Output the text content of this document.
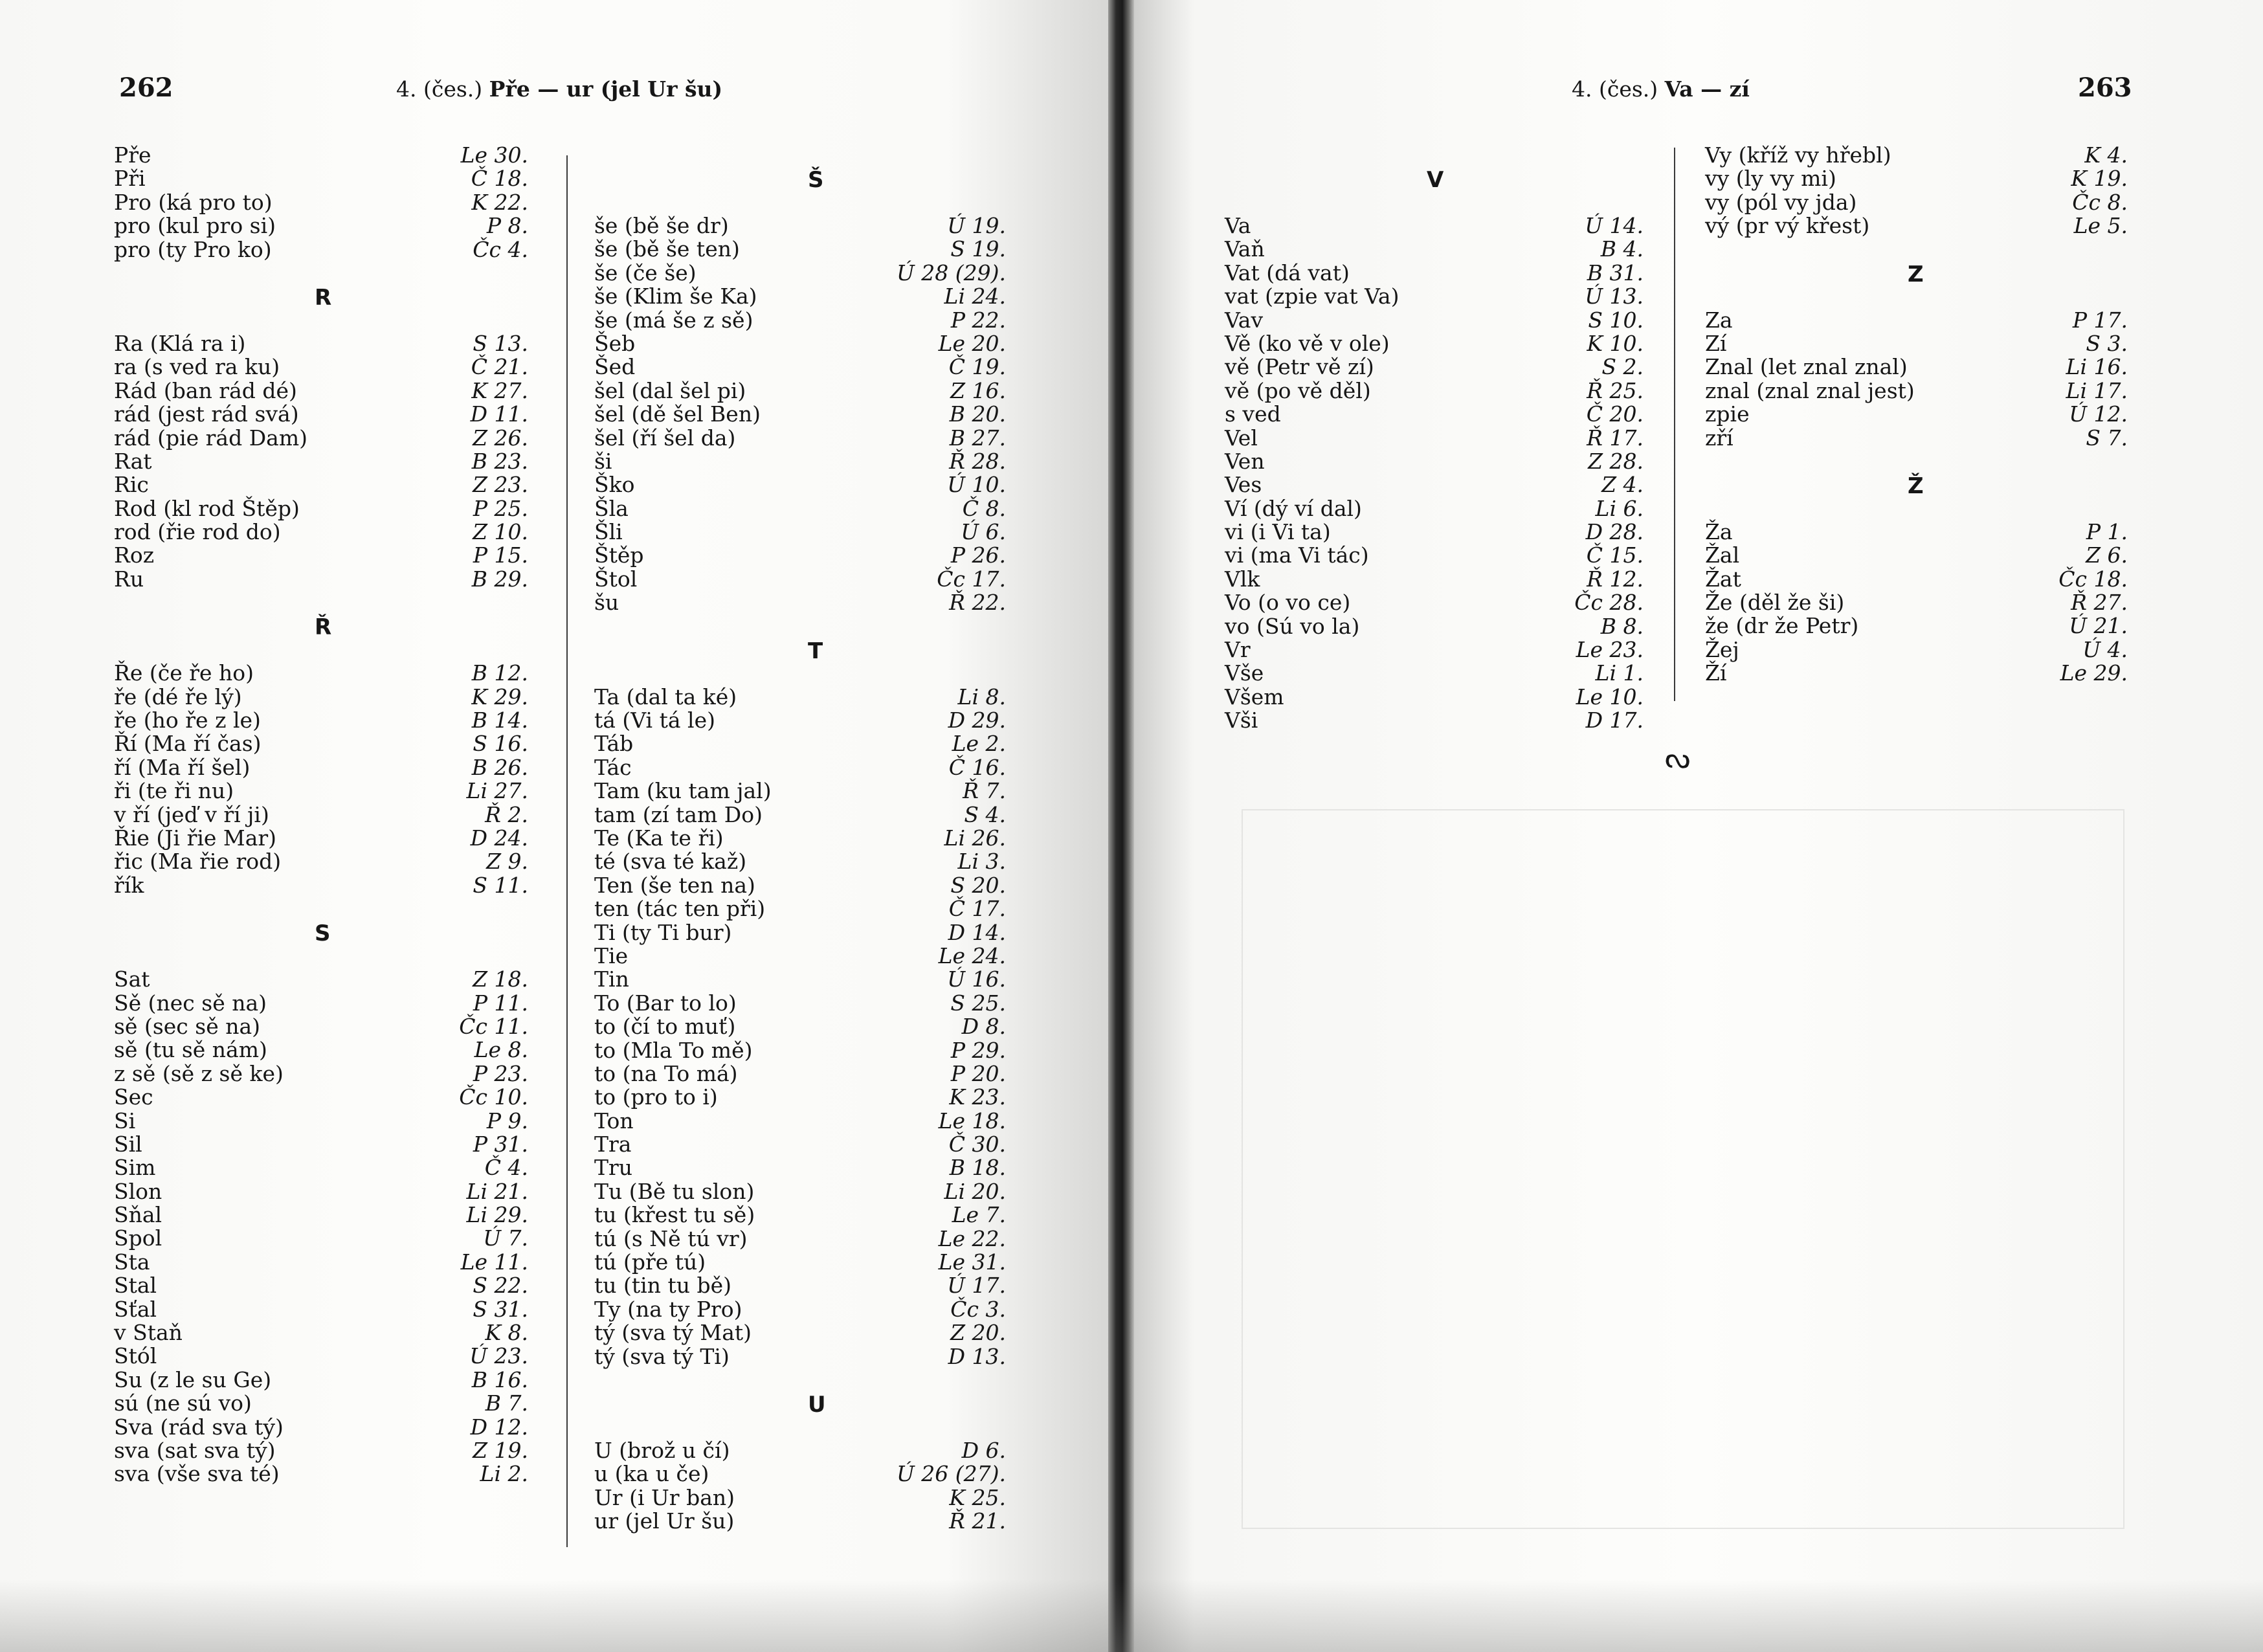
262	4. (čes.) Pře — ur (jel Ur šu)	4. (čes.) Va — zí	263
Pře	Le 30.
Při	Č 18.
Pro (ká pro to)	K 22.
pro (kul pro si)	P 8.
pro (ty Pro ko)	Čc 4.
R
Ra (Klá ra i)	S 13.
ra (s ved ra ku)	Č 21.
Rád (ban rád dé)	K 27.
rád (jest rád svá)	D 11.
rád (pie rád Dam)	Z 26.
Rat	B 23.
Ric	Z 23.
Rod (kl rod Štěp)	P 25.
rod (řie rod do)	Z 10.
Roz	P 15.
Ru	B 29.
Ř
Ře (če ře ho)	B 12.
ře (dé ře lý)	K 29.
ře (ho ře z le)	B 14.
Ří (Ma ří čas)	S 16.
ří (Ma ří šel)	B 26.
ři (te ři nu)	Li 27.
v ří (jeď v ří ji)	Ř 2.
Řie (Ji řie Mar)	D 24.
řic (Ma řie rod)	Z 9.
řík	S 11.
S
Sat	Z 18.
Sě (nec sě na)	P 11.
sě (sec sě na)	Čc 11.
sě (tu sě nám)	Le 8.
z sě (sě z sě ke)	P 23.
Sec	Čc 10.
Si	P 9.
Sil	P 31.
Sim	Č 4.
Slon	Li 21.
Sňal	Li 29.
Spol	Ú 7.
Sta	Le 11.
Stal	S 22.
Sťal	S 31.
v Staň	K 8.
Stól	Ú 23.
Su (z le su Ge)	B 16.
sú (ne sú vo)	B 7.
Sva (rád sva tý)	D 12.
sva (sat sva tý)	Z 19.
sva (vše sva té)	Li 2.
Š
še (bě še dr)	Ú 19.
še (bě še ten)	S 19.
še (če še)	Ú 28 (29).
še (Klim še Ka)	Li 24.
še (má še z sě)	P 22.
Šeb	Le 20.
Šed	Č 19.
šel (dal šel pi)	Z 16.
šel (dě šel Ben)	B 20.
šel (ří šel da)	B 27.
ši	Ř 28.
Ško	Ú 10.
Šla	Č 8.
Šli	Ú 6.
Štěp	P 26.
Štol	Čc 17.
šu	Ř 22.
T
Ta (dal ta ké)	Li 8.
tá (Vi tá le)	D 29.
Táb	Le 2.
Tác	Č 16.
Tam (ku tam jal)	Ř 7.
tam (zí tam Do)	S 4.
Te (Ka te ři)	Li 26.
té (sva té kaž)	Li 3.
Ten (še ten na)	S 20.
ten (tác ten při)	Č 17.
Ti (ty Ti bur)	D 14.
Tie	Le 24.
Tin	Ú 16.
To (Bar to lo)	S 25.
to (čí to muť)	D 8.
to (Mla To mě)	P 29.
to (na To má)	P 20.
to (pro to i)	K 23.
Ton	Le 18.
Tra	Č 30.
Tru	B 18.
Tu (Bě tu slon)	Li 20.
tu (křest tu sě)	Le 7.
tú (s Ně tú vr)	Le 22.
tú (pře tú)	Le 31.
tu (tin tu bě)	Ú 17.
Ty (na ty Pro)	Čc 3.
tý (sva tý Mat)	Z 20.
tý (sva tý Ti)	D 13.
U
U (brož u čí)	D 6.
u (ka u če)	Ú 26 (27).
Ur (i Ur ban)	K 25.
ur (jel Ur šu)	Ř 21.
V
Va	Ú 14.
Vaň	B 4.
Vat (dá vat)	B 31.
vat (zpie vat Va)	Ú 13.
Vav	S 10.
Vě (ko vě v ole)	K 10.
vě (Petr vě zí)	S 2.
vě (po vě děl)	Ř 25.
s ved	Č 20.
Vel	Ř 17.
Ven	Z 28.
Ves	Z 4.
Ví (dý ví dal)	Li 6.
vi (i Vi ta)	D 28.
vi (ma Vi tác)	Č 15.
Vlk	Ř 12.
Vo (o vo ce)	Čc 28.
vo (Sú vo la)	B 8.
Vr	Le 23.
Vše	Li 1.
Všem	Le 10.
Vši	D 17.
Vy (kříž vy hřebl)	K 4.
vy (ly vy mi)	K 19.
vy (pól vy jda)	Čc 8.
vý (pr vý křest)	Le 5.
Z
Za	P 17.
Zí	S 3.
Znal (let znal znal)	Li 16.
znal (znal znal jest)	Li 17.
zpie	Ú 12.
zří	S 7.
Ž
Ža	P 1.
Žal	Z 6.
Žat	Čc 18.
Že (děl že ši)	Ř 27.
že (dr že Petr)	Ú 21.
Žej	Ú 4.
Ží	Le 29.
ᔓ
